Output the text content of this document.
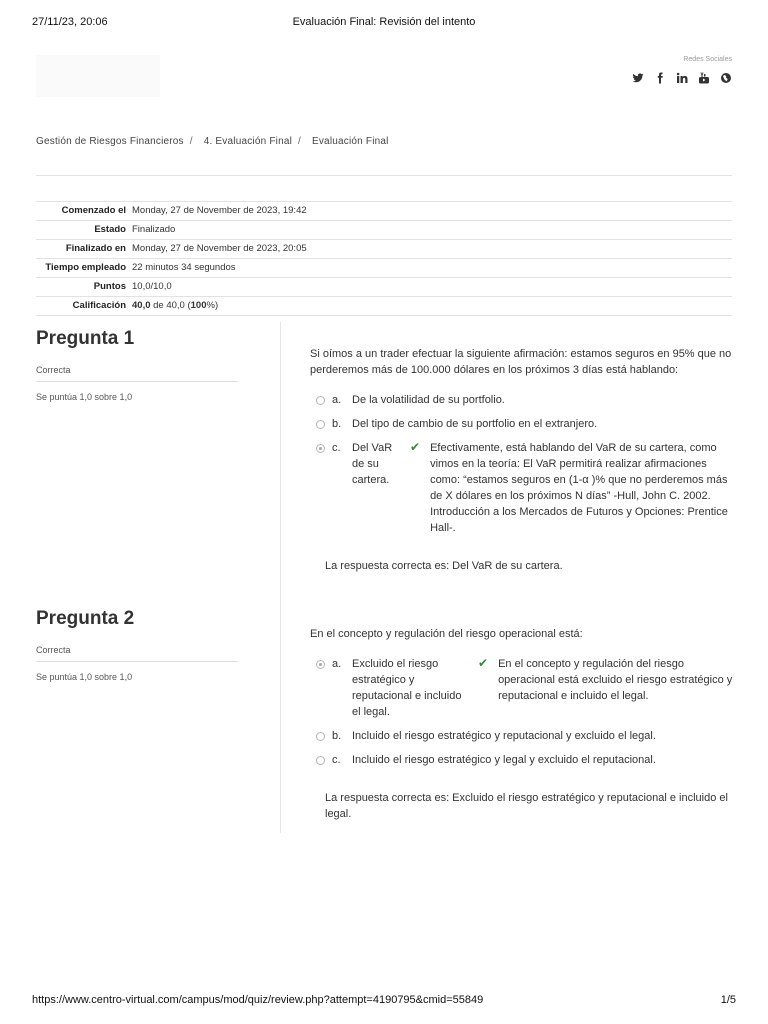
27/11/23, 20:06	Evaluación Final: Revisión del intento
Redes Sociales
Gestión de Riesgos Financieros / 4. Evaluación Final / Evaluación Final
Comenzado el	Monday, 27 de November de 2023, 19:42
Estado	Finalizado
Finalizado en	Monday, 27 de November de 2023, 20:05
Tiempo empleado	22 minutos 34 segundos
Puntos	10,0/10,0
Calificación	40,0 de 40,0 (100%)
Pregunta 1
Correcta
Se puntúa 1,0 sobre 1,0
Si oímos a un trader efectuar la siguiente afirmación: estamos seguros en 95% que no perderemos más de 100.000 dólares en los próximos 3 días está hablando:
a. De la volatilidad de su portfolio.
b. Del tipo de cambio de su portfolio en el extranjero.
c.	Del VaR de su cartera.
✔ Efectivamente, está hablando del VaR de su cartera, como vimos en la teoría: El VaR permitirá realizar afirmaciones como: “estamos seguros en (1-α )% que no perderemos más de X dólares en los próximos N días” -Hull, John C. 2002. Introducción a los Mercados de Futuros y Opciones: Prentice Hall-.
La respuesta correcta es: Del VaR de su cartera.
Pregunta 2
Correcta
Se puntúa 1,0 sobre 1,0
En el concepto y regulación del riesgo operacional está:
a. Excluido el riesgo estratégico y reputacional e incluido el legal.
✔ En el concepto y regulación del riesgo operacional está excluido el riesgo estratégico y reputacional e incluido el legal.
b. Incluido el riesgo estratégico y reputacional y excluido el legal.
c.	Incluido el riesgo estratégico y legal y excluido el reputacional.
La respuesta correcta es: Excluido el riesgo estratégico y reputacional e incluido el legal.
https://www.centro-virtual.com/campus/mod/quiz/review.php?attempt=4190795&cmid=55849	1/5
